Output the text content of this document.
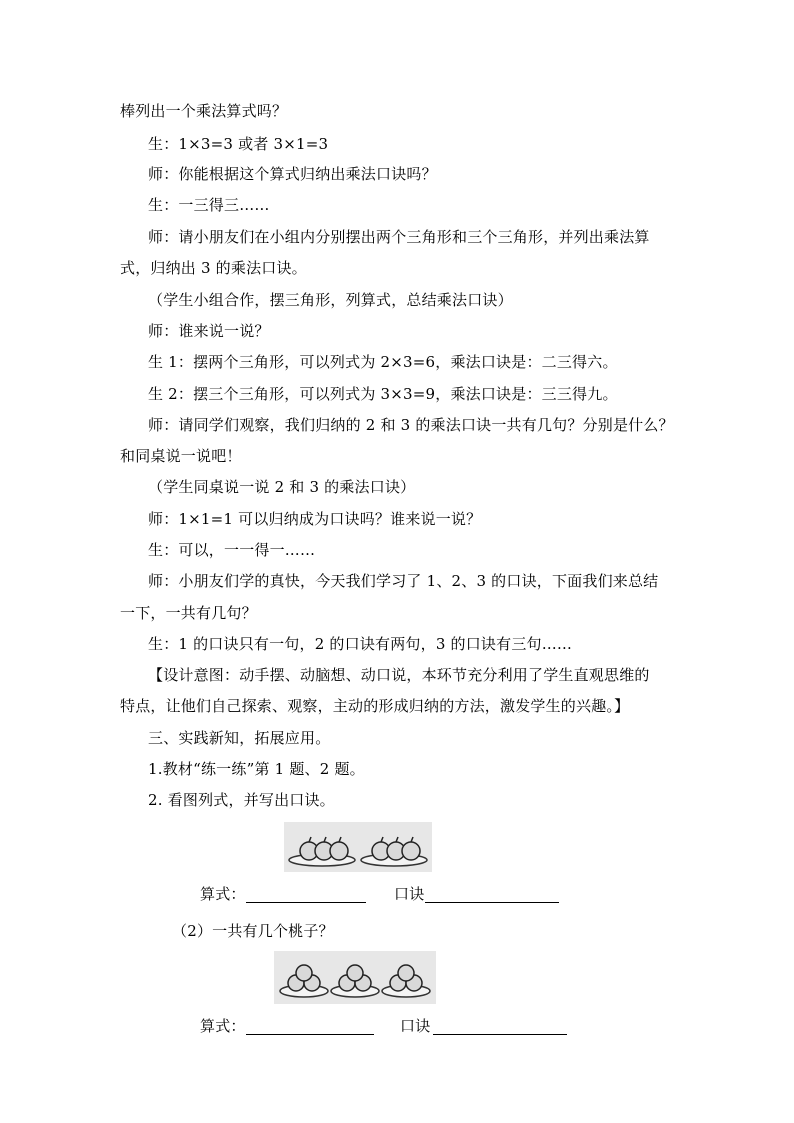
棒列出一个乘法算式吗？
生：1×3=3 或者 3×1=3
师：你能根据这个算式归纳出乘法口诀吗？
生：一三得三……
师：请小朋友们在小组内分别摆出两个三角形和三个三角形，并列出乘法算
式，归纳出 3 的乘法口诀。
（学生小组合作，摆三角形，列算式，总结乘法口诀）
师：谁来说一说？
生 1：摆两个三角形，可以列式为 2×3=6，乘法口诀是：二三得六。
生 2：摆三个三角形，可以列式为 3×3=9，乘法口诀是：三三得九。
师：请同学们观察，我们归纳的 2 和 3 的乘法口诀一共有几句？分别是什么？
和同桌说一说吧！
（学生同桌说一说 2 和 3 的乘法口诀）
师：1×1=1 可以归纳成为口诀吗？谁来说一说？
生：可以，一一得一……
师：小朋友们学的真快，今天我们学习了 1、2、3 的口诀，下面我们来总结
一下，一共有几句？
生：1 的口诀只有一句，2 的口诀有两句，3 的口诀有三句……
【设计意图：动手摆、动脑想、动口说，本环节充分利用了学生直观思维的
特点，让他们自己探索、观察，主动的形成归纳的方法，激发学生的兴趣。】
三、实践新知，拓展应用。
1.教材“练一练”第 1 题、2 题。
2. 看图列式，并写出口诀。
算式：	口诀
（2）一共有几个桃子？
算式：	口诀
